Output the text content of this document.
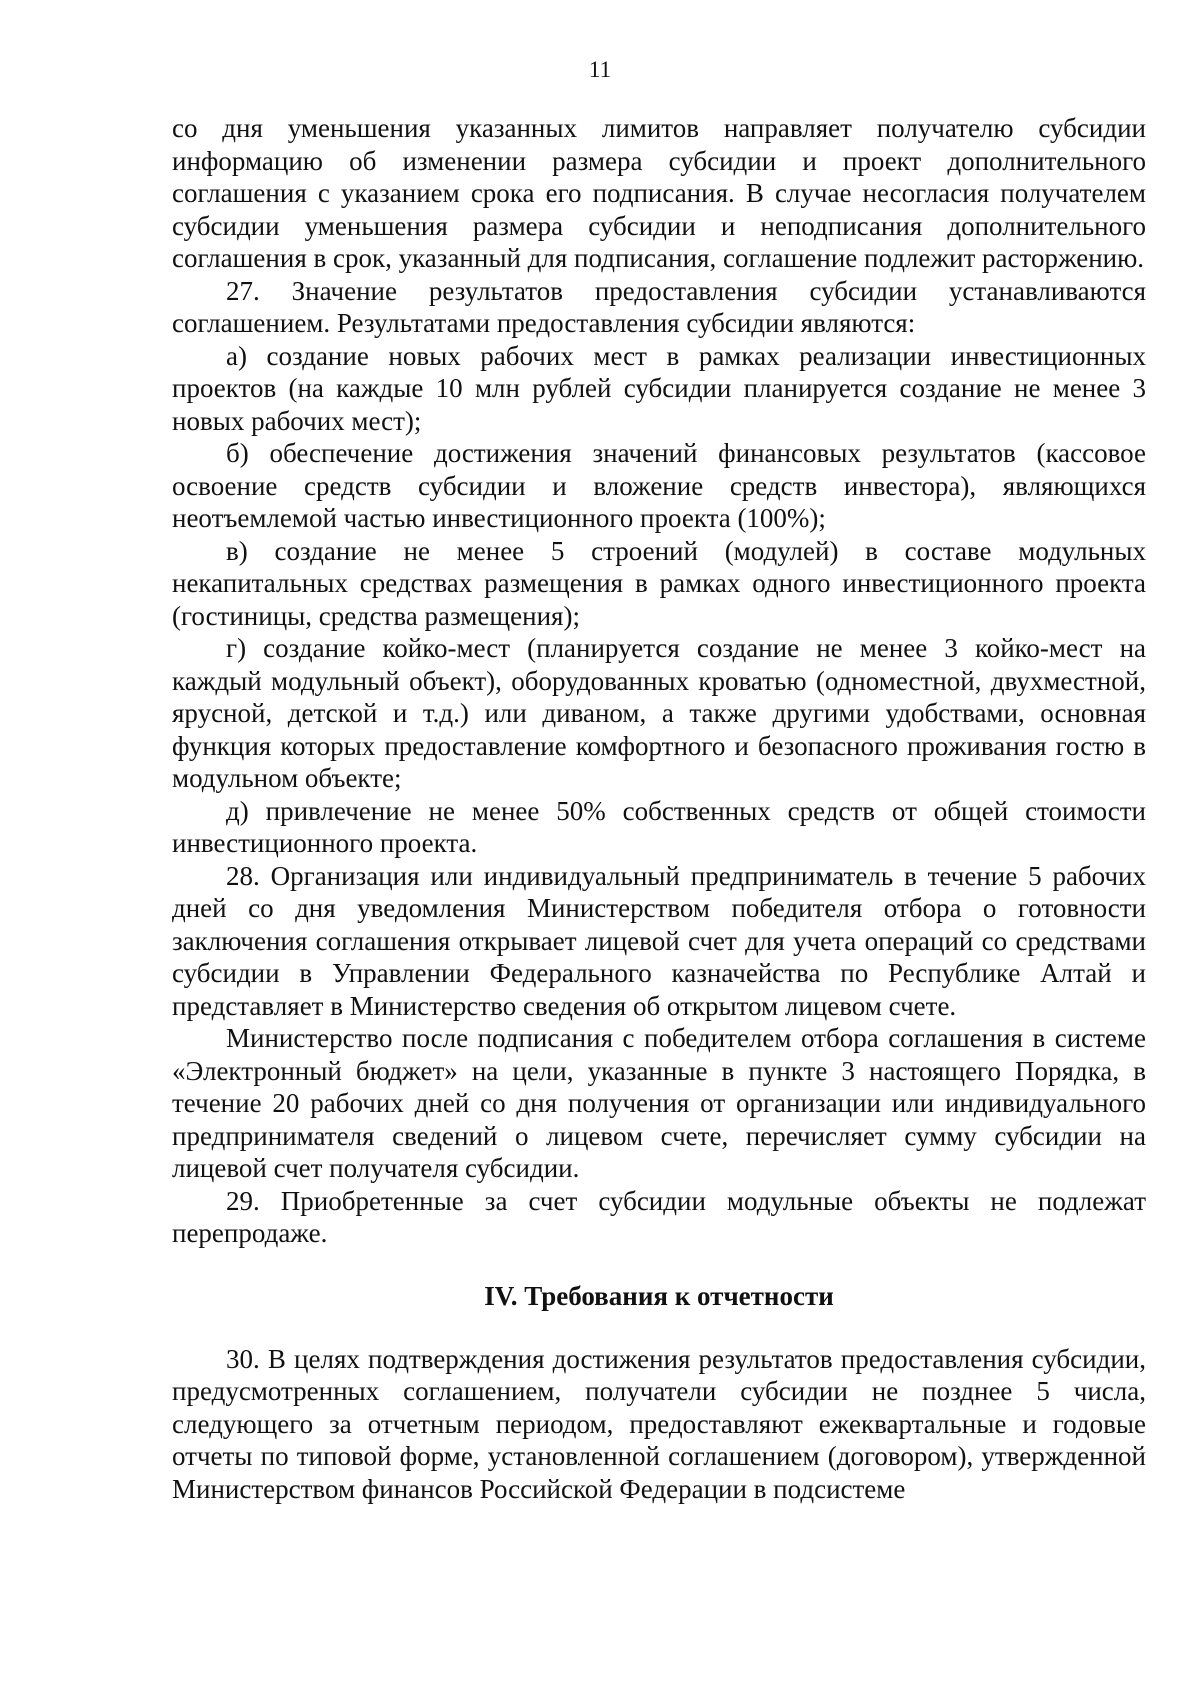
11

со дня уменьшения указанных лимитов направляет получателю субсидии информацию об изменении размера субсидии и проект дополнительного соглашения с указанием срока его подписания. В случае несогласия получателем субсидии уменьшения размера субсидии и неподписания дополнительного соглашения в срок, указанный для подписания, соглашение подлежит расторжению.

27. Значение результатов предоставления субсидии устанавливаются соглашением. Результатами предоставления субсидии являются:

а) создание новых рабочих мест в рамках реализации инвестиционных проектов (на каждые 10 млн рублей субсидии планируется создание не менее 3 новых рабочих мест);

б) обеспечение достижения значений финансовых результатов (кассовое освоение средств субсидии и вложение средств инвестора), являющихся неотъемлемой частью инвестиционного проекта (100%);

в) создание не менее 5 строений (модулей) в составе модульных некапитальных средствах размещения в рамках одного инвестиционного проекта (гостиницы, средства размещения);

г) создание койко-мест (планируется создание не менее 3 койко-мест на каждый модульный объект), оборудованных кроватью (одноместной, двухместной, ярусной, детской и т.д.) или диваном, а также другими удобствами, основная функция которых предоставление комфортного и безопасного проживания гостю в модульном объекте;

д) привлечение не менее 50% собственных средств от общей стоимости инвестиционного проекта.

28. Организация или индивидуальный предприниматель в течение 5 рабочих дней со дня уведомления Министерством победителя отбора о готовности заключения соглашения открывает лицевой счет для учета операций со средствами субсидии в Управлении Федерального казначейства по Республике Алтай и представляет в Министерство сведения об открытом лицевом счете.

Министерство после подписания с победителем отбора соглашения в системе «Электронный бюджет» на цели, указанные в пункте 3 настоящего Порядка, в течение 20 рабочих дней со дня получения от организации или индивидуального предпринимателя сведений о лицевом счете, перечисляет сумму субсидии на лицевой счет получателя субсидии.

29. Приобретенные за счет субсидии модульные объекты не подлежат перепродаже.

IV. Требования к отчетности

30. В целях подтверждения достижения результатов предоставления субсидии, предусмотренных соглашением, получатели субсидии не позднее 5 числа, следующего за отчетным периодом, предоставляют ежеквартальные и годовые отчеты по типовой форме, установленной соглашением (договором), утвержденной Министерством финансов Российской Федерации в подсистеме
